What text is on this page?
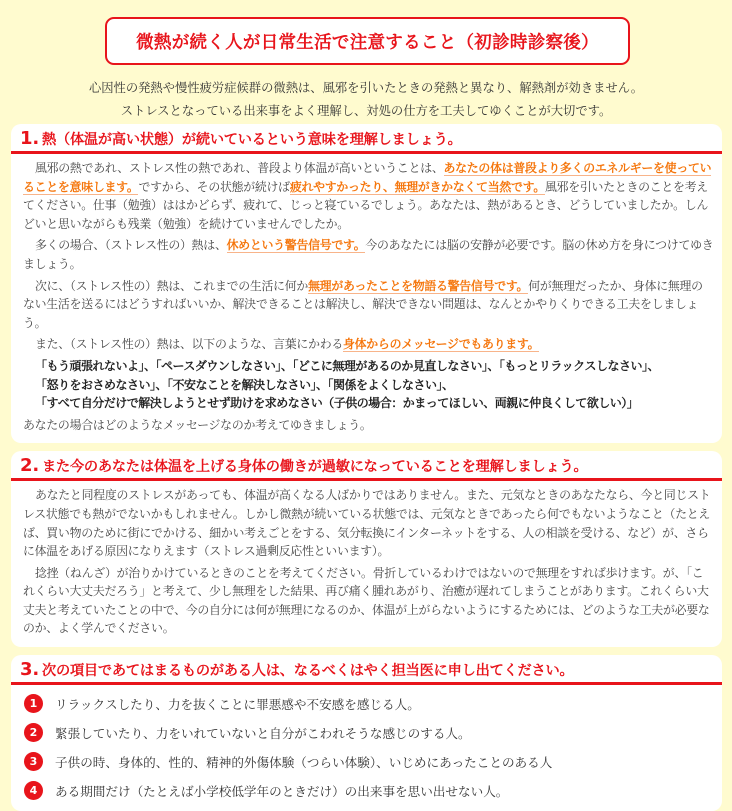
微熱が続く人が日常生活で注意すること（初診時診察後）
心因性の発熱や慢性疲労症候群の微熱は、風邪を引いたときの発熱と異なり、解熱剤が効きません。
ストレスとなっている出来事をよく理解し、対処の仕方を工夫してゆくことが大切です。
1. 熱（体温が高い状態）が続いているという意味を理解しましょう。

風邪の熱であれ、ストレス性の熱であれ、普段より体温が高いということは、あなたの体は普段より多くのエネルギーを使っていることを意味します。ですから、その状態が続けば疲れやすかったり、無理がきかなくて当然です。風邪を引いたときのことを考えてください。仕事（勉強）ははかどらず、疲れて、じっと寝ているでしょう。あなたは、熱があるとき、どうしていましたか。しんどいと思いながらも残業（勉強）を続けていませんでしたか。

多くの場合、（ストレス性の）熱は、休めという警告信号です。今のあなたには脳の安静が必要です。脳の休め方を身につけてゆきましょう。

次に、（ストレス性の）熱は、これまでの生活に何か無理があったことを物語る警告信号です。何が無理だったか、身体に無理のない生活を送るにはどうすればいいか、解決できることは解決し、解決できない問題は、なんとかやりくりできる工夫をしましょう。

また、（ストレス性の）熱は、以下のような、言葉にかわる身体からのメッセージでもあります。

「もう頑張れないよ」、「ペースダウンしなさい」、「どこに無理があるのか見直しなさい」、「もっとリラックスしなさい」、
「怒りをおさめなさい」、「不安なことを解決しなさい」、「関係をよくしなさい」、
「すべて自分だけで解決しようとせず助けを求めなさい（子供の場合：かまってほしい、両親に仲良くして欲しい）」

あなたの場合はどのようなメッセージなのか考えてゆきましょう。

2. また今のあなたは体温を上げる身体の働きが過敏になっていることを理解しましょう。

あなたと同程度のストレスがあっても、体温が高くなる人ばかりではありません。また、元気なときのあなたなら、今と同じストレス状態でも熱がでないかもしれません。しかし微熱が続いている状態では、元気なときであったら何でもないようなこと（たとえば、買い物のために街にでかける、細かい考えごとをする、気分転換にインターネットをする、人の相談を受ける、など）が、さらに体温をあげる原因になりえます（ストレス過剰反応性といいます）。

捻挫（ねんざ）が治りかけているときのことを考えてください。骨折しているわけではないので無理をすれば歩けます。が、「これくらい大丈夫だろう」と考えて、少し無理をした結果、再び痛く腫れあがり、治癒が遅れてしまうことがあります。これくらい大丈夫と考えていたことの中で、今の自分には何が無理になるのか、体温が上がらないようにするためには、どのような工夫が必要なのか、よく学んでください。

3. 次の項目であてはまるものがある人は、なるべくはやく担当医に申し出てください。
1	リラックスしたり、力を抜くことに罪悪感や不安感を感じる人。
2	緊張していたり、力をいれていないと自分がこわれそうな感じのする人。
3	子供の時、身体的、性的、精神的外傷体験（つらい体験）、いじめにあったことのある人
4	ある期間だけ（たとえば小学校低学年のときだけ）の出来事を思い出せない人。
